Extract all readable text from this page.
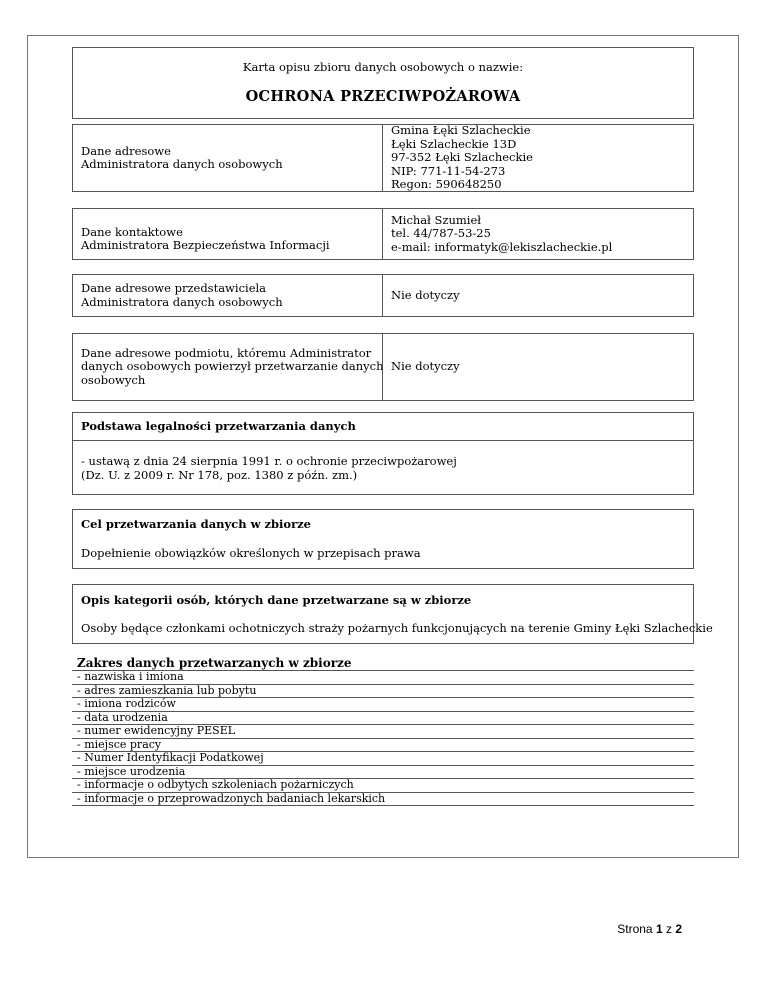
Karta opisu zbioru danych osobowych o nazwie:
OCHRONA PRZECIWPOŻAROWA
Dane adresowe
Administratora danych osobowych
Gmina Łęki Szlacheckie
Łęki Szlacheckie 13D
97-352 Łęki Szlacheckie
NIP: 771-11-54-273
Regon: 590648250
Dane kontaktowe
Administratora Bezpieczeństwa Informacji
Michał Szumieł
tel. 44/787-53-25
e-mail: informatyk@lekiszlacheckie.pl
Dane adresowe przedstawiciela
Administratora danych osobowych	Nie dotyczy
Dane adresowe podmiotu, któremu Administrator
danych osobowych powierzył przetwarzanie danych
osobowych
Nie dotyczy
Podstawa legalności przetwarzania danych
- ustawą z dnia 24 sierpnia 1991 r. o ochronie przeciwpożarowej
(Dz. U. z 2009 r. Nr 178, poz. 1380 z późn. zm.)
Cel przetwarzania danych w zbiorze
Dopełnienie obowiązków określonych w przepisach prawa
Opis kategorii osób, których dane przetwarzane są w zbiorze
Osoby będące członkami ochotniczych straży pożarnych funkcjonujących na terenie Gminy Łęki Szlacheckie
Zakres danych przetwarzanych w zbiorze
- nazwiska i imiona
- adres zamieszkania lub pobytu
- imiona rodziców
- data urodzenia
- numer ewidencyjny PESEL
- miejsce pracy
- Numer Identyfikacji Podatkowej
- miejsce urodzenia
- informacje o odbytych szkoleniach pożarniczych
- informacje o przeprowadzonych badaniach lekarskich
Strona 1 z 2
